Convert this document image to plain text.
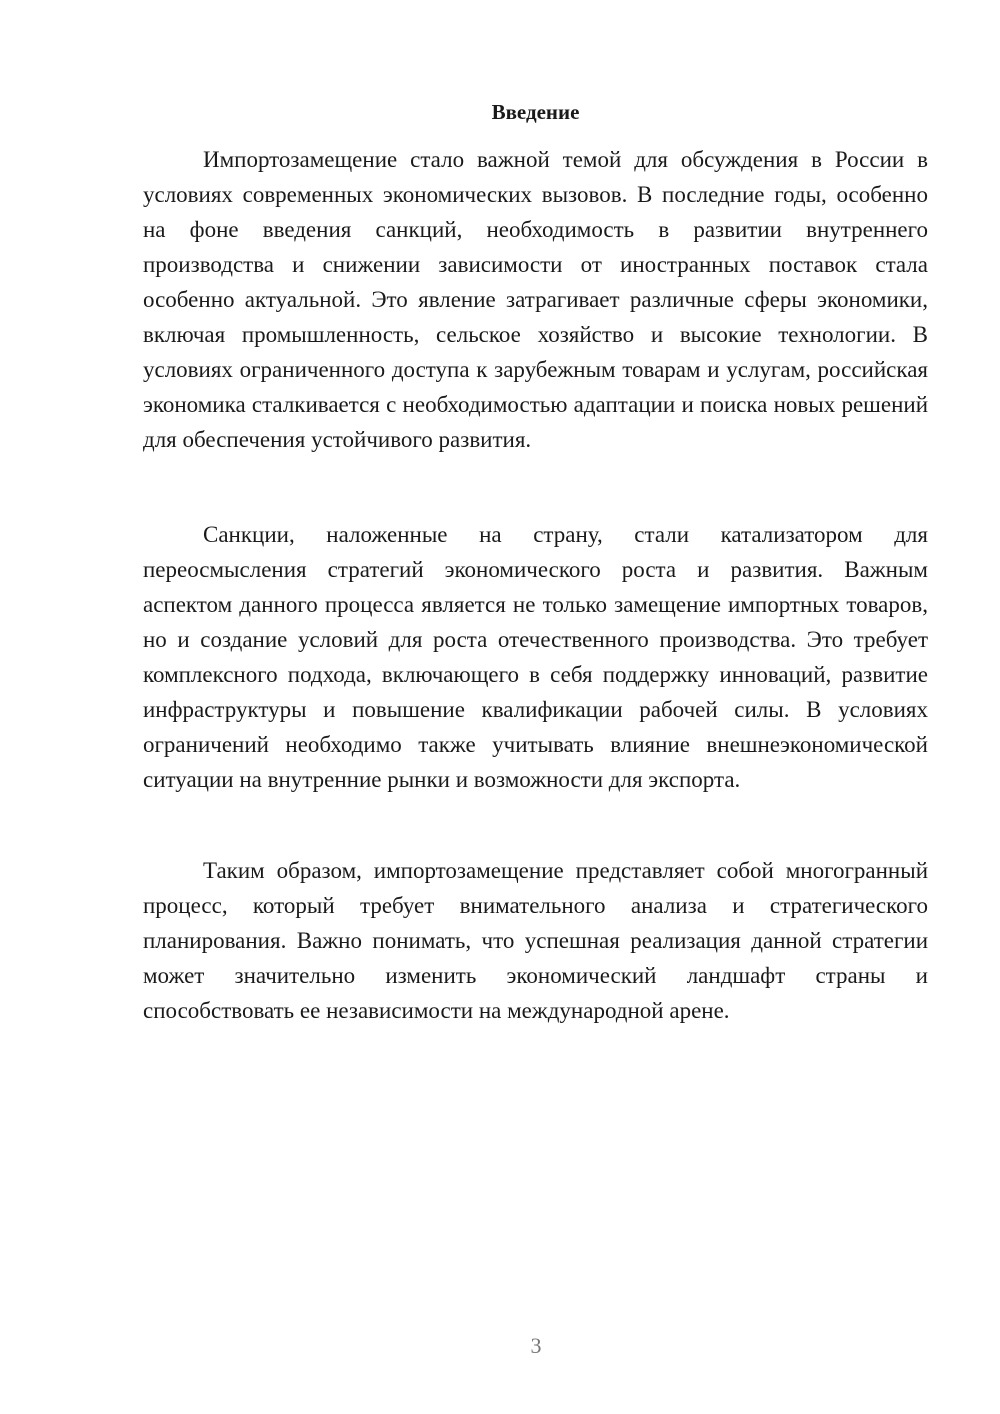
Введение

Импортозамещение стало важной темой для обсуждения в России в условиях современных экономических вызовов. В последние годы, особенно на фоне введения санкций, необходимость в развитии внутреннего производства и снижении зависимости от иностранных поставок стала особенно актуальной. Это явление затрагивает различные сферы экономики, включая промышленность, сельское хозяйство и высокие технологии. В условиях ограниченного доступа к зарубежным товарам и услугам, российская экономика сталкивается с необходимостью адаптации и поиска новых решений для обеспечения устойчивого развития.

Санкции, наложенные на страну, стали катализатором для переосмысления стратегий экономического роста и развития. Важным аспектом данного процесса является не только замещение импортных товаров, но и создание условий для роста отечественного производства. Это требует комплексного подхода, включающего в себя поддержку инноваций, развитие инфраструктуры и повышение квалификации рабочей силы. В условиях ограничений необходимо также учитывать влияние внешнеэкономической ситуации на внутренние рынки и возможности для экспорта.

Таким образом, импортозамещение представляет собой многогранный процесс, который требует внимательного анализа и стратегического планирования. Важно понимать, что успешная реализация данной стратегии может значительно изменить экономический ландшафт страны и способствовать ее независимости на международной арене.

3
